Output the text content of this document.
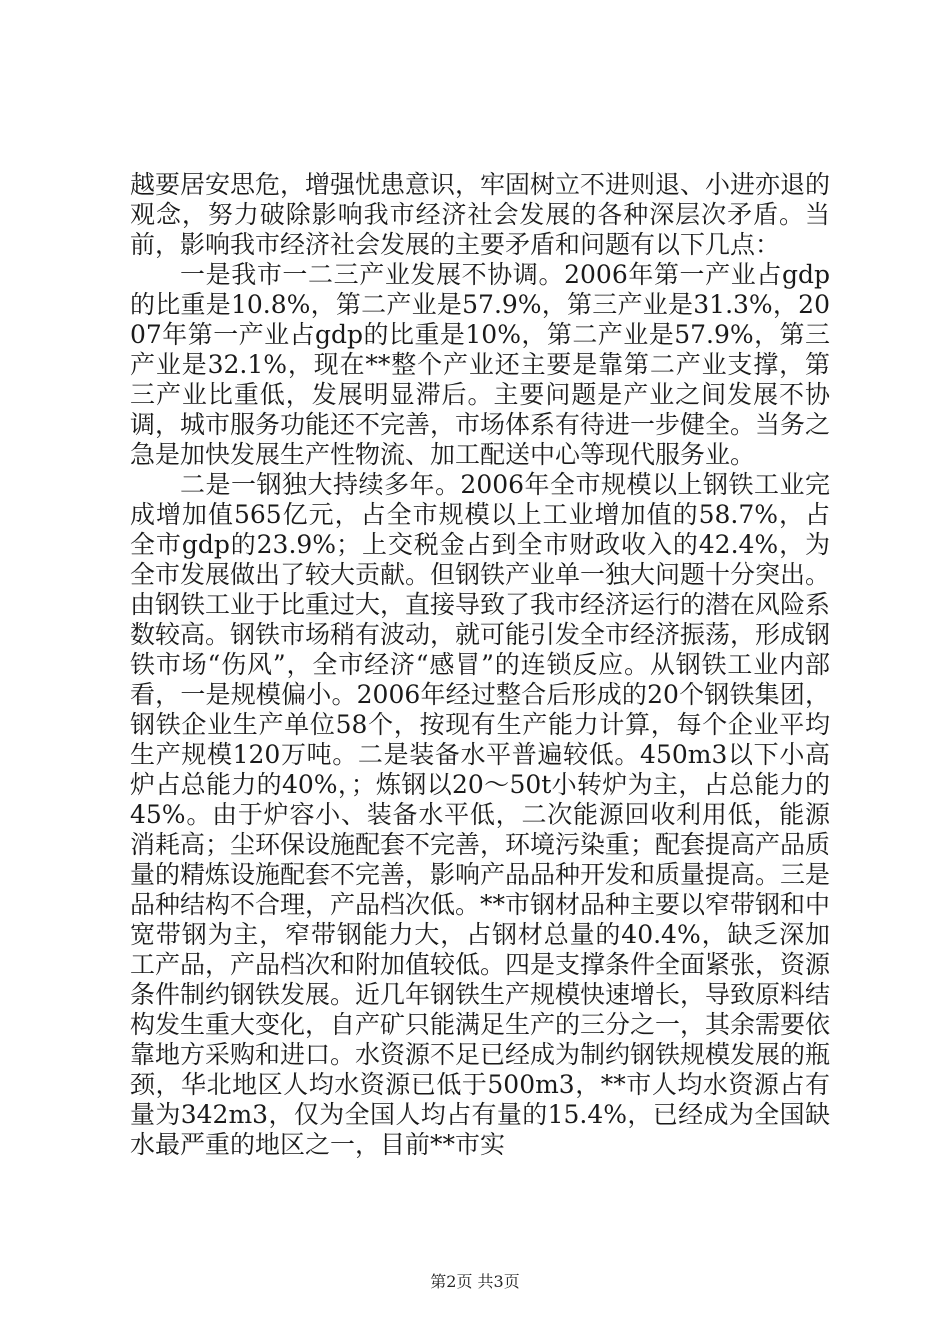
越要居安思危，增强忧患意识，牢固树立不进则退、小进亦退的观念，努力破除影响我市经济社会发展的各种深层次矛盾。当前，影响我市经济社会发展的主要矛盾和问题有以下几点：

一是我市一二三产业发展不协调。2006年第一产业占gdp的比重是10.8%，第二产业是57.9%，第三产业是31.3%，2007年第一产业占gdp的比重是10%，第二产业是57.9%，第三产业是32.1%，现在**整个产业还主要是靠第二产业支撑，第三产业比重低，发展明显滞后。主要问题是产业之间发展不协调，城市服务功能还不完善，市场体系有待进一步健全。当务之急是加快发展生产性物流、加工配送中心等现代服务业。

二是一钢独大持续多年。2006年全市规模以上钢铁工业完成增加值565亿元，占全市规模以上工业增加值的58.7%，占全市gdp的23.9%；上交税金占到全市财政收入的42.4%，为全市发展做出了较大贡献。但钢铁产业单一独大问题十分突出。由钢铁工业于比重过大，直接导致了我市经济运行的潜在风险系数较高。钢铁市场稍有波动，就可能引发全市经济振荡，形成钢铁市场“伤风”，全市经济“感冒”的连锁反应。从钢铁工业内部看，一是规模偏小。2006年经过整合后形成的20个钢铁集团，钢铁企业生产单位58个，按现有生产能力计算，每个企业平均生产规模120万吨。二是装备水平普遍较低。450m3以下小高炉占总能力的40%，；炼钢以20～50t小转炉为主，占总能力的45%。由于炉容小、装备水平低，二次能源回收利用低，能源消耗高；尘环保设施配套不完善，环境污染重；配套提高产品质量的精炼设施配套不完善，影响产品品种开发和质量提高。三是品种结构不合理，产品档次低。**市钢材品种主要以窄带钢和中宽带钢为主，窄带钢能力大，占钢材总量的40.4%，缺乏深加工产品，产品档次和附加值较低。四是支撑条件全面紧张，资源条件制约钢铁发展。近几年钢铁生产规模快速增长，导致原料结构发生重大变化，自产矿只能满足生产的三分之一，其余需要依靠地方采购和进口。水资源不足已经成为制约钢铁规模发展的瓶颈，华北地区人均水资源已低于500m3，**市人均水资源占有量为342m3，仅为全国人均占有量的15.4%，已经成为全国缺水最严重的地区之一，目前**市实

第2页 共3页
